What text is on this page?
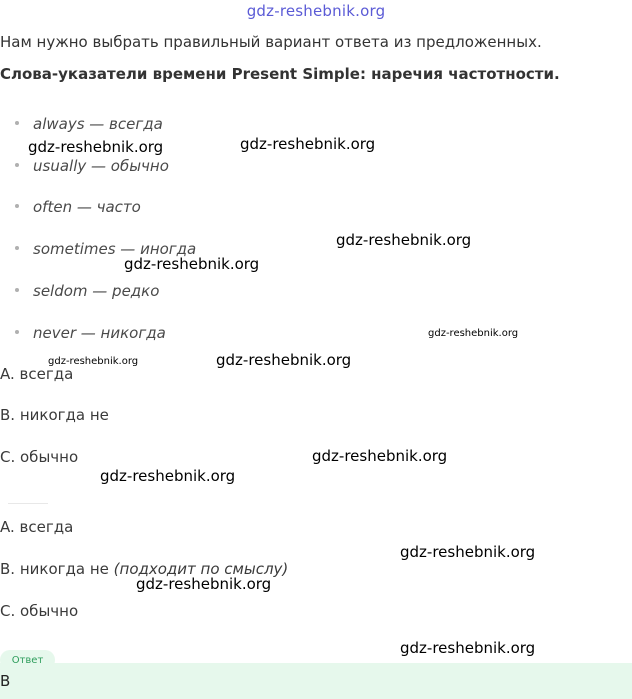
gdz-reshebnik.org
Нам нужно выбрать правильный вариант ответа из предложенных.
Слова-указатели времени Present Simple: наречия частотности.
always — всегда
usually — обычно
often — часто
sometimes — иногда
seldom — редко
never — никогда
A. всегда
B. никогда не
C. обычно
A. всегда
B. никогда не (подходит по смыслу)
C. обычно
Ответ
B
gdz-reshebnik.org	gdz-reshebnik.org
gdz-reshebnik.org
gdz-reshebnik.org
gdz-reshebnik.org
gdz-reshebnik.org	gdz-reshebnik.org
gdz-reshebnik.org
gdz-reshebnik.org
gdz-reshebnik.org
gdz-reshebnik.org
gdz-reshebnik.org
